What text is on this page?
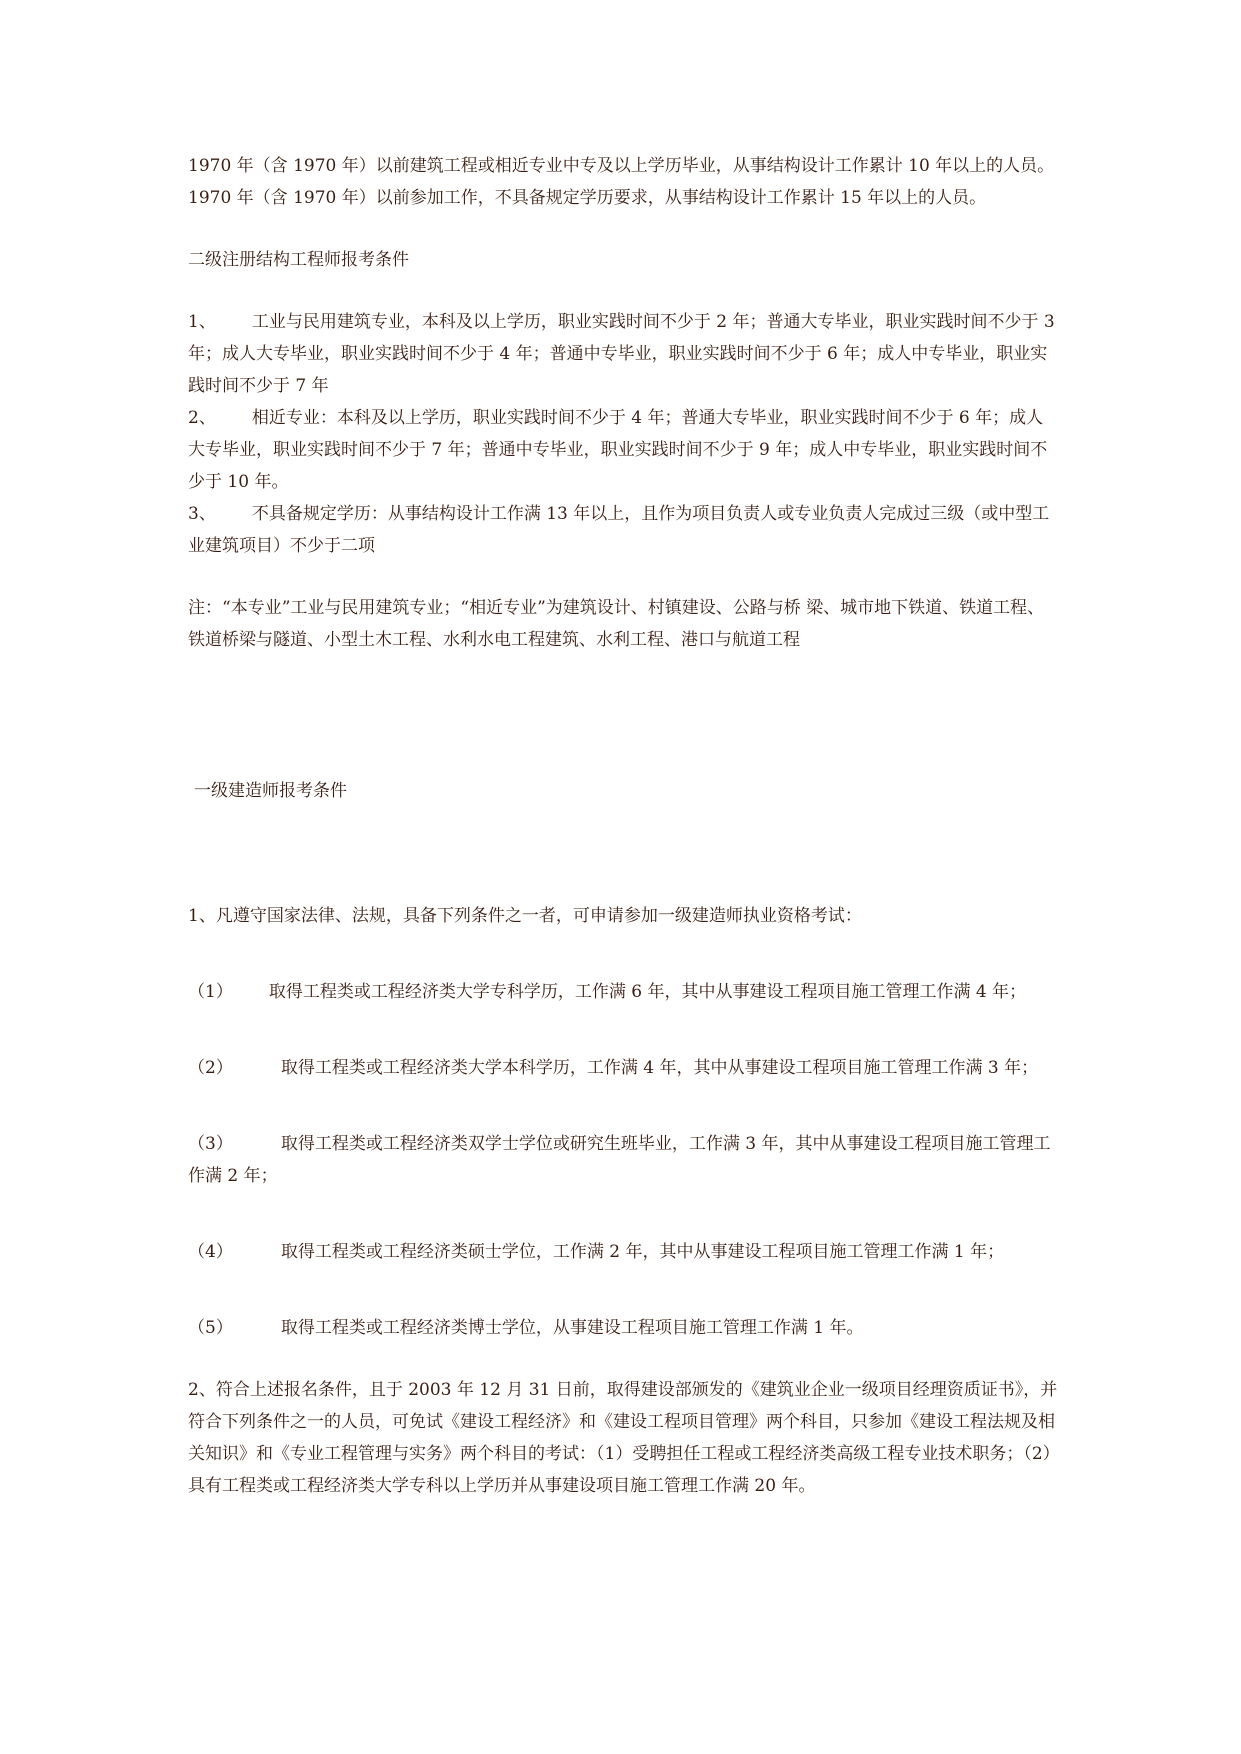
1970 年（含 1970 年）以前建筑工程或相近专业中专及以上学历毕业，从事结构设计工作累计 10 年以上的人员。

1970 年（含 1970 年）以前参加工作，不具备规定学历要求，从事结构设计工作累计 15 年以上的人员。

二级注册结构工程师报考条件

1、 工业与民用建筑专业，本科及以上学历，职业实践时间不少于 2 年；普通大专毕业，职业实践时间不少于 3 年；成人大专毕业，职业实践时间不少于 4 年；普通中专毕业，职业实践时间不少于 6 年；成人中专毕业，职业实践时间不少于 7 年

2、 相近专业：本科及以上学历，职业实践时间不少于 4 年；普通大专毕业，职业实践时间不少于 6 年；成人大专毕业，职业实践时间不少于 7 年；普通中专毕业，职业实践时间不少于 9 年；成人中专毕业，职业实践时间不少于 10 年。

3、 不具备规定学历：从事结构设计工作满 13 年以上，且作为项目负责人或专业负责人完成过三级（或中型工业建筑项目）不少于二项

注：“本专业”工业与民用建筑专业；“相近专业”为建筑设计、村镇建设、公路与桥 梁、城市地下铁道、铁道工程、铁道桥梁与隧道、小型土木工程、水利水电工程建筑、水利工程、港口与航道工程

一级建造师报考条件

1、凡遵守国家法律、法规，具备下列条件之一者，可申请参加一级建造师执业资格考试：

（1） 取得工程类或工程经济类大学专科学历，工作满 6 年，其中从事建设工程项目施工管理工作满 4 年；

（2）	取得工程类或工程经济类大学本科学历，工作满 4 年，其中从事建设工程项目施工管理工作满 3 年；

（3）	取得工程类或工程经济类双学士学位或研究生班毕业，工作满 3 年，其中从事建设工程项目施工管理工作满 2 年；

（4）	取得工程类或工程经济类硕士学位，工作满 2 年，其中从事建设工程项目施工管理工作满 1 年；

（5）	取得工程类或工程经济类博士学位，从事建设工程项目施工管理工作满 1 年。

2、符合上述报名条件，且于 2003 年 12 月 31 日前，取得建设部颁发的《建筑业企业一级项目经理资质证书》，并符合下列条件之一的人员，可免试《建设工程经济》和《建设工程项目管理》两个科目，只参加《建设工程法规及相关知识》和《专业工程管理与实务》两个科目的考试：（1）受聘担任工程或工程经济类高级工程专业技术职务；（2）具有工程类或工程经济类大学专科以上学历并从事建设项目施工管理工作满 20 年。
